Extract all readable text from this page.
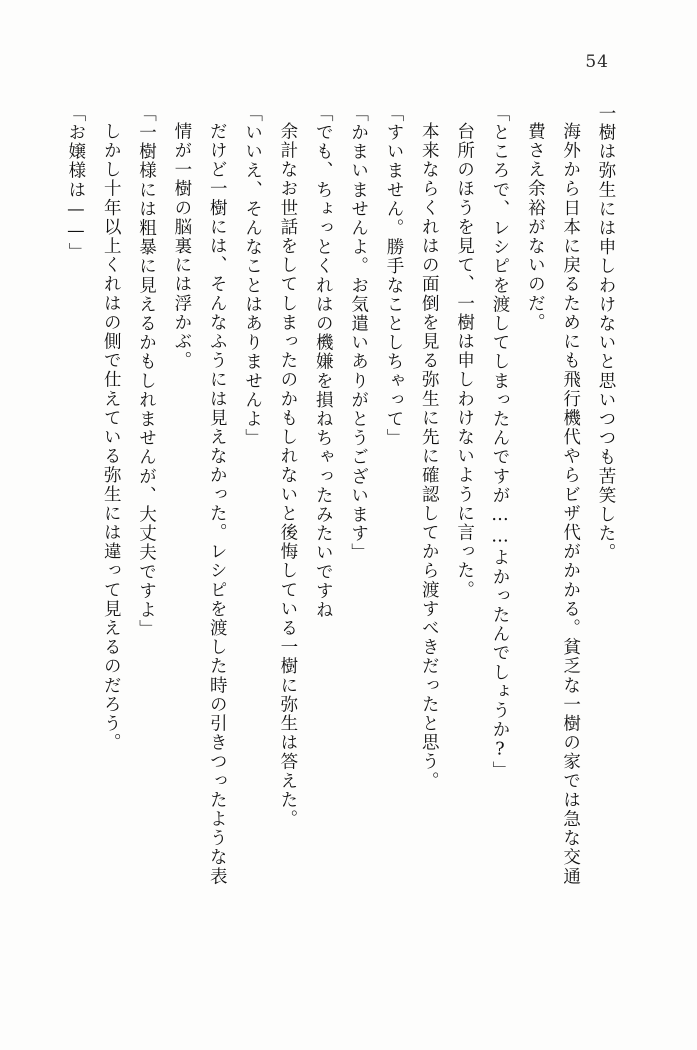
54

一樹は弥生には申しわけないと思いつつも苦笑した。

海外から日本に戻るためにも飛行機代やらビザ代がかかる。貧乏な一樹の家では急な交通費さえ余裕がないのだ。

「ところで、レシピを渡してしまったんですが……よかったんでしょうか?」

台所のほうを見て、一樹は申しわけないように言った。

本来ならくれはの面倒を見る弥生に先に確認してから渡すべきだったと思う。

「すいません。勝手なことしちゃって」

「かまいませんよ。お気遣いありがとうございます」

「でも、ちょっとくれはの機嫌を損ねちゃったみたいですね

余計なお世話をしてしまったのかもしれないと後悔している一樹に弥生は答えた。

「いいえ、そんなことはありませんよ」

だけど一樹には、そんなふうには見えなかった。レシピを渡した時の引きつったような表情が一樹の脳裏には浮かぶ。

「一樹様には粗暴に見えるかもしれませんが、大丈夫ですよ」

しかし十年以上くれはの側で仕えている弥生には違って見えるのだろう。

「お嬢様は——」
